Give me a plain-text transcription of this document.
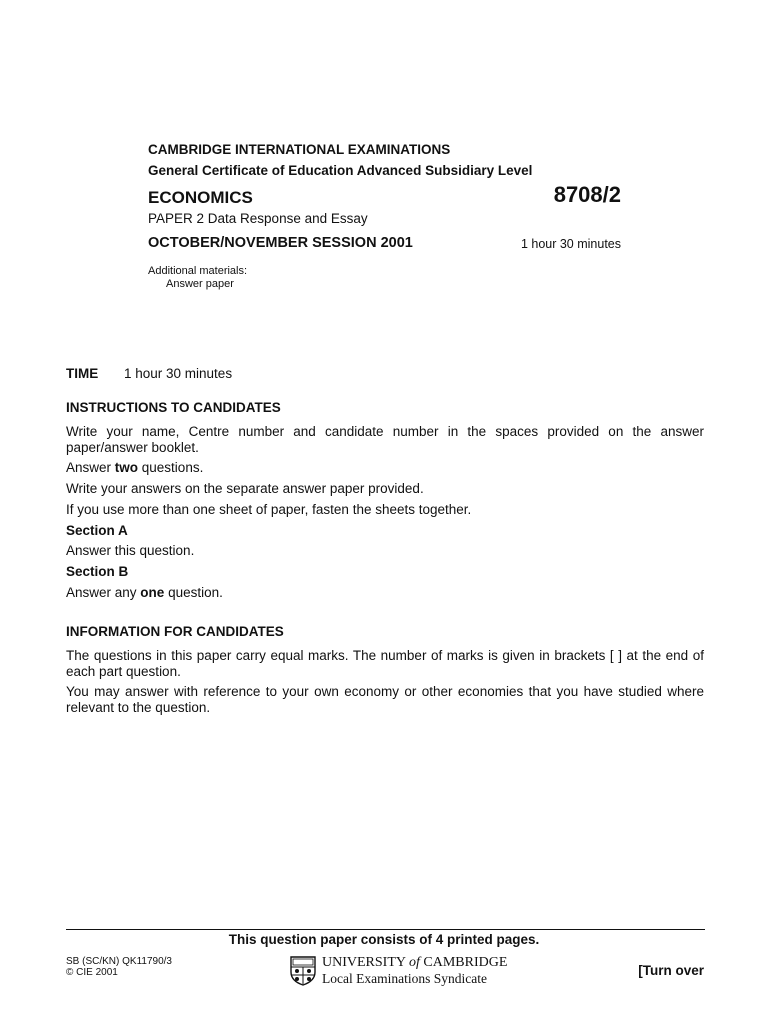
CAMBRIDGE INTERNATIONAL EXAMINATIONS
General Certificate of Education Advanced Subsidiary Level
ECONOMICS	8708/2
PAPER 2 Data Response and Essay
OCTOBER/NOVEMBER SESSION 2001	1 hour 30 minutes
Additional materials:
Answer paper
TIME 1 hour 30 minutes
INSTRUCTIONS TO CANDIDATES
Write your name, Centre number and candidate number in the spaces provided on the answer paper/answer booklet.
Answer two questions.
Write your answers on the separate answer paper provided.
If you use more than one sheet of paper, fasten the sheets together.
Section A
Answer this question.
Section B
Answer any one question.
INFORMATION FOR CANDIDATES
The questions in this paper carry equal marks. The number of marks is given in brackets [ ] at the end of each part question.
You may answer with reference to your own economy or other economies that you have studied where relevant to the question.
This question paper consists of 4 printed pages.
SB (SC/KN) QK11790/3
© CIE 2001
UNIVERSITY of CAMBRIDGE
Local Examinations Syndicate
[Turn over
